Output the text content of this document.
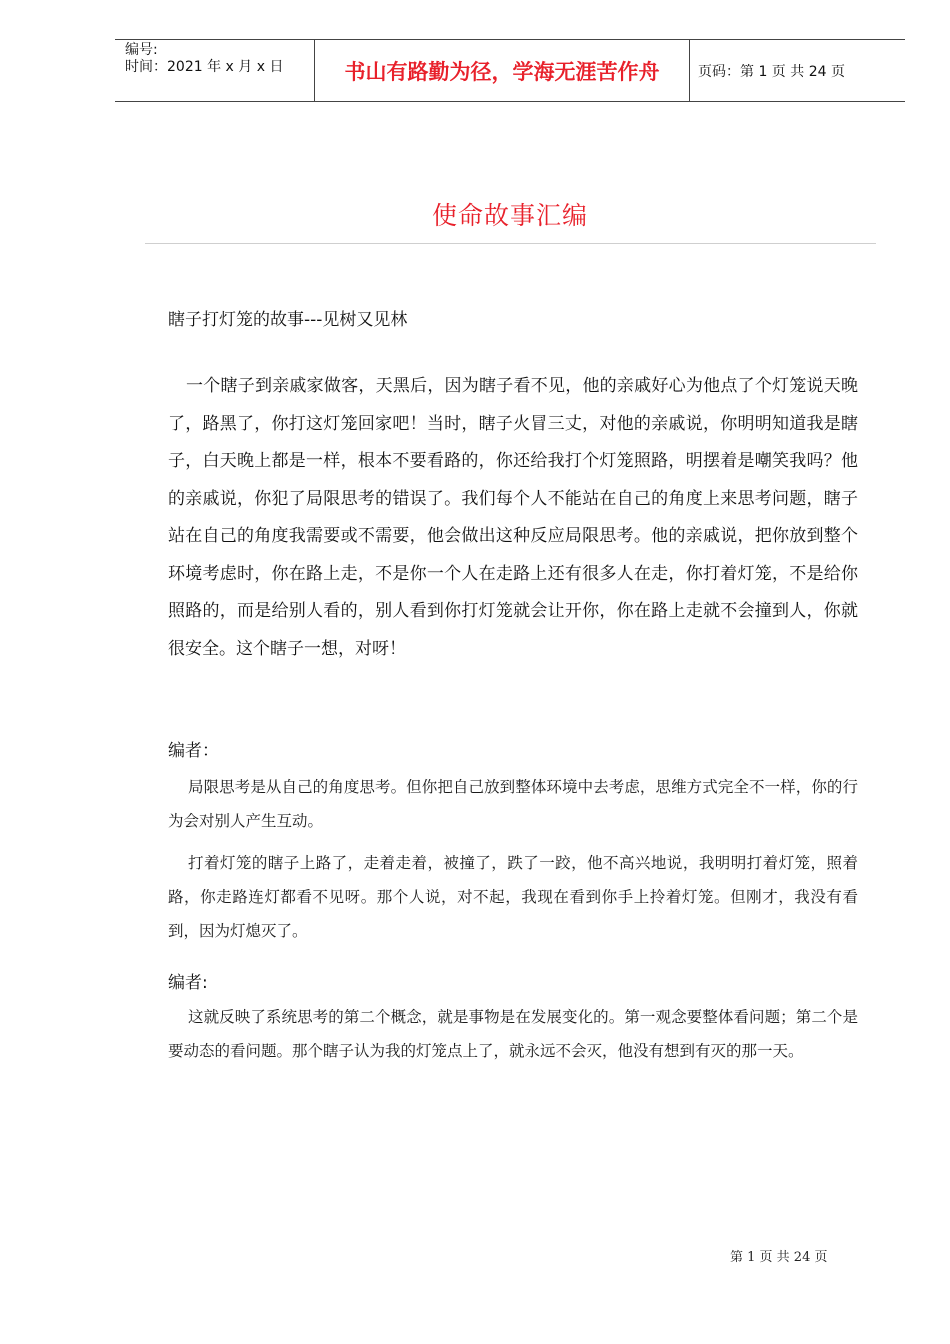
编号:
时间：2021 年 x 月 x 日	书山有路勤为径，学海无涯苦作舟	页码：第 1 页 共 24 页
使命故事汇编
瞎子打灯笼的故事---见树又见林

一个瞎子到亲戚家做客，天黑后，因为瞎子看不见，他的亲戚好心为他点了个灯笼说天晚了，路黑了，你打这灯笼回家吧！当时，瞎子火冒三丈，对他的亲戚说，你明明知道我是瞎子，白天晚上都是一样，根本不要看路的，你还给我打个灯笼照路，明摆着是嘲笑我吗？他的亲戚说，你犯了局限思考的错误了。我们每个人不能站在自己的角度上来思考问题，瞎子站在自己的角度我需要或不需要，他会做出这种反应局限思考。他的亲戚说，把你放到整个环境考虑时，你在路上走，不是你一个人在走路上还有很多人在走，你打着灯笼，不是给你照路的，而是给别人看的，别人看到你打灯笼就会让开你，你在路上走就不会撞到人，你就很安全。这个瞎子一想，对呀！

编者：

局限思考是从自己的角度思考。但你把自己放到整体环境中去考虑，思维方式完全不一样，你的行为会对别人产生互动。

打着灯笼的瞎子上路了，走着走着，被撞了，跌了一跤，他不高兴地说，我明明打着灯笼，照着路，你走路连灯都看不见呀。那个人说，对不起，我现在看到你手上拎着灯笼。但刚才，我没有看到，因为灯熄灭了。

编者:

这就反映了系统思考的第二个概念，就是事物是在发展变化的。第一观念要整体看问题；第二个是要动态的看问题。那个瞎子认为我的灯笼点上了，就永远不会灭，他没有想到有灭的那一天。

第 1 页 共 24 页
